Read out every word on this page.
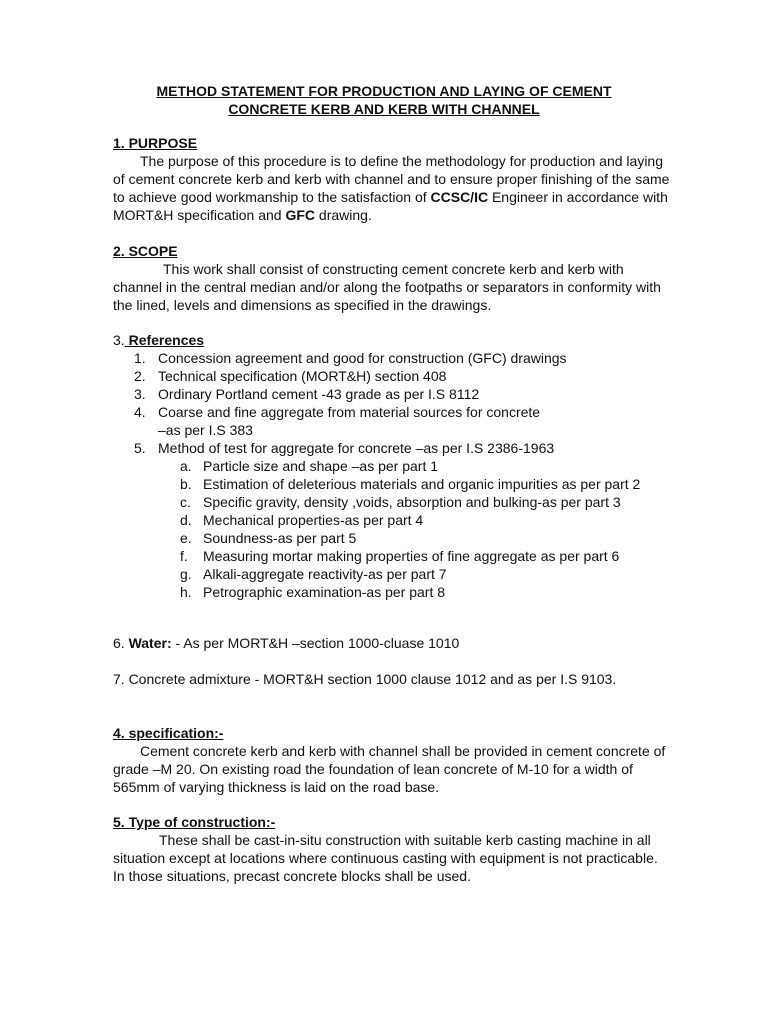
METHOD STATEMENT FOR PRODUCTION AND LAYING OF CEMENT
CONCRETE KERB AND KERB WITH CHANNEL
1. PURPOSE

The purpose of this procedure is to define the methodology for production and laying of cement concrete kerb and kerb with channel and to ensure proper finishing of the same to achieve good workmanship to the satisfaction of CCSC/IC Engineer in accordance with MORT&H specification and GFC drawing.

2. SCOPE

This work shall consist of constructing cement concrete kerb and kerb with channel in the central median and/or along the footpaths or separators in conformity with the lined, levels and dimensions as specified in the drawings.

3. References
1. Concession agreement and good for construction (GFC) drawings
2. Technical specification (MORT&H) section 408
3. Ordinary Portland cement -43 grade as per I.S 8112
4. Coarse and fine aggregate from material sources for concrete
–as per I.S 383
5. Method of test for aggregate for concrete –as per I.S 2386-1963
a. Particle size and shape –as per part 1
b. Estimation of deleterious materials and organic impurities as per part 2
c. Specific gravity, density ,voids, absorption and bulking-as per part 3
d. Mechanical properties-as per part 4
e. Soundness-as per part 5
f. Measuring mortar making properties of fine aggregate as per part 6
g. Alkali-aggregate reactivity-as per part 7
h. Petrographic examination-as per part 8
6. Water: - As per MORT&H –section 1000-cluase 1010
7. Concrete admixture - MORT&H section 1000 clause 1012 and as per I.S 9103.
4. specification:-

Cement concrete kerb and kerb with channel shall be provided in cement concrete of grade –M 20. On existing road the foundation of lean concrete of M-10 for a width of 565mm of varying thickness is laid on the road base.

5. Type of construction:-

These shall be cast-in-situ construction with suitable kerb casting machine in all situation except at locations where continuous casting with equipment is not practicable. In those situations, precast concrete blocks shall be used.
